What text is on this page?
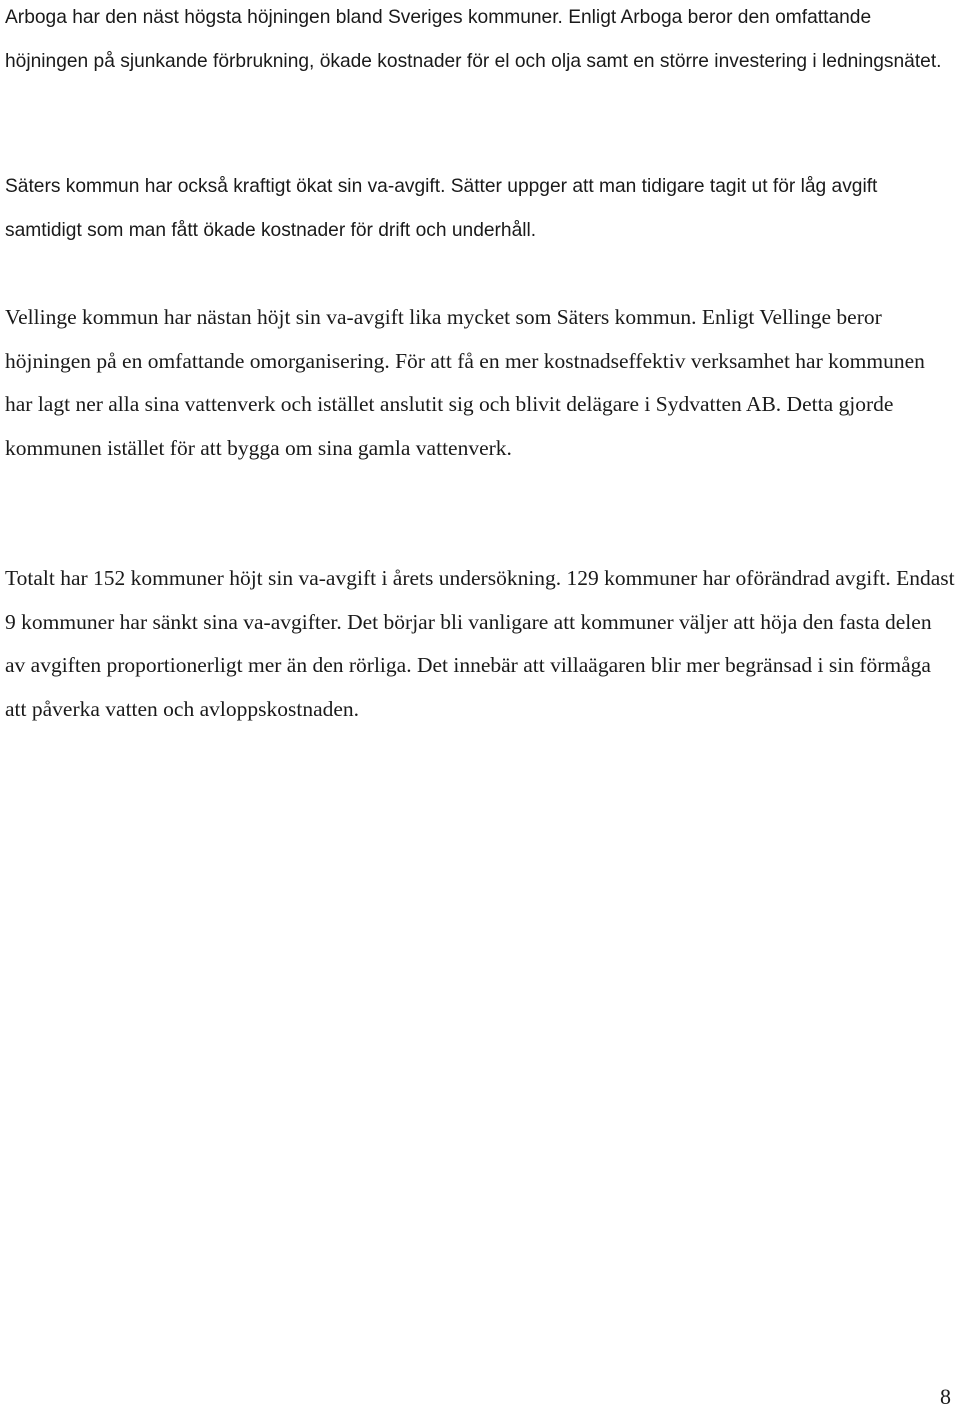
Arboga har den näst högsta höjningen bland Sveriges kommuner. Enligt Arboga beror den omfattande höjningen på sjunkande förbrukning, ökade kostnader för el och olja samt en större investering i ledningsnätet.

Säters kommun har också kraftigt ökat sin va-avgift. Sätter uppger att man tidigare tagit ut för låg avgift samtidigt som man fått ökade kostnader för drift och underhåll.

Vellinge kommun har nästan höjt sin va-avgift lika mycket som Säters kommun. Enligt Vellinge beror höjningen på en omfattande omorganisering. För att få en mer kostnadseffektiv verksamhet har kommunen har lagt ner alla sina vattenverk och istället anslutit sig och blivit delägare i Sydvatten AB. Detta gjorde kommunen istället för att bygga om sina gamla vattenverk.

Totalt har 152 kommuner höjt sin va-avgift i årets undersökning. 129 kommuner har oförändrad avgift. Endast 9 kommuner har sänkt sina va-avgifter. Det börjar bli vanligare att kommuner väljer att höja den fasta delen av avgiften proportionerligt mer än den rörliga. Det innebär att villaägaren blir mer begränsad i sin förmåga att påverka vatten och avloppskostnaden.

8
